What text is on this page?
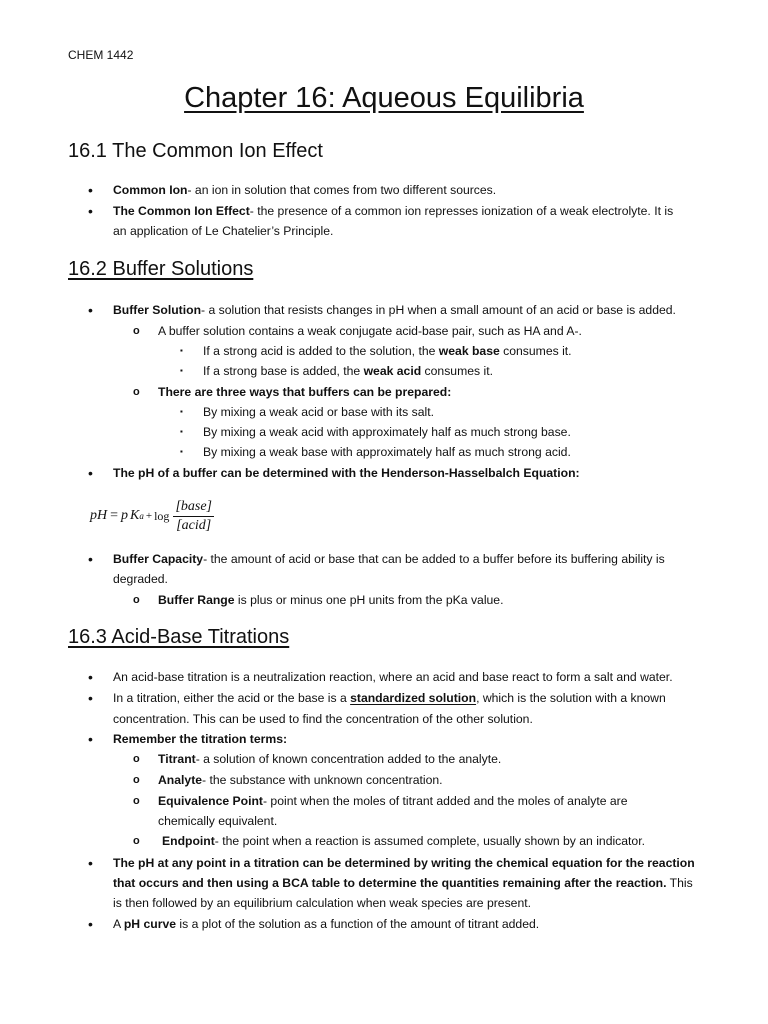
CHEM 1442
Chapter 16: Aqueous Equilibria
16.1 The Common Ion Effect
• Common Ion- an ion in solution that comes from two different sources.
• The Common Ion Effect- the presence of a common ion represses ionization of a weak electrolyte. It is
an application of Le Chatelier’s Principle.
16.2 Buffer Solutions
• Buffer Solution- a solution that resists changes in pH when a small amount of an acid or base is added.
o A buffer solution contains a weak conjugate acid-base pair, such as HA and A-.
▪ If a strong acid is added to the solution, the weak base consumes it.
▪ If a strong base is added, the weak acid consumes it.
o There are three ways that buffers can be prepared:
▪ By mixing a weak acid or base with its salt.
▪ By mixing a weak acid with approximately half as much strong base.
▪ By mixing a weak base with approximately half as much strong acid.
• The pH of a buffer can be determined with the Henderson-Hasselbalch Equation:
pH = p K $a + \log \frac{\text{[base]}}{\text{[acid]}}$
• Buffer Capacity- the amount of acid or base that can be added to a buffer before its buffering ability is
degraded.
o Buffer Range is plus or minus one pH units from the pKa value.
16.3 Acid-Base Titrations
• An acid-base titration is a neutralization reaction, where an acid and base react to form a salt and water.
• In a titration, either the acid or the base is a standardized solution, which is the solution with a known
concentration. This can be used to find the concentration of the other solution.
• Remember the titration terms:
o Titrant- a solution of known concentration added to the analyte.
o Analyte- the substance with unknown concentration.
o Equivalence Point- point when the moles of titrant added and the moles of analyte are
chemically equivalent.
o Endpoint- the point when a reaction is assumed complete, usually shown by an indicator.
• The pH at any point in a titration can be determined by writing the chemical equation for the reaction
that occurs and then using a BCA table to determine the quantities remaining after the reaction. This
is then followed by an equilibrium calculation when weak species are present.
• A pH curve is a plot of the solution as a function of the amount of titrant added.
